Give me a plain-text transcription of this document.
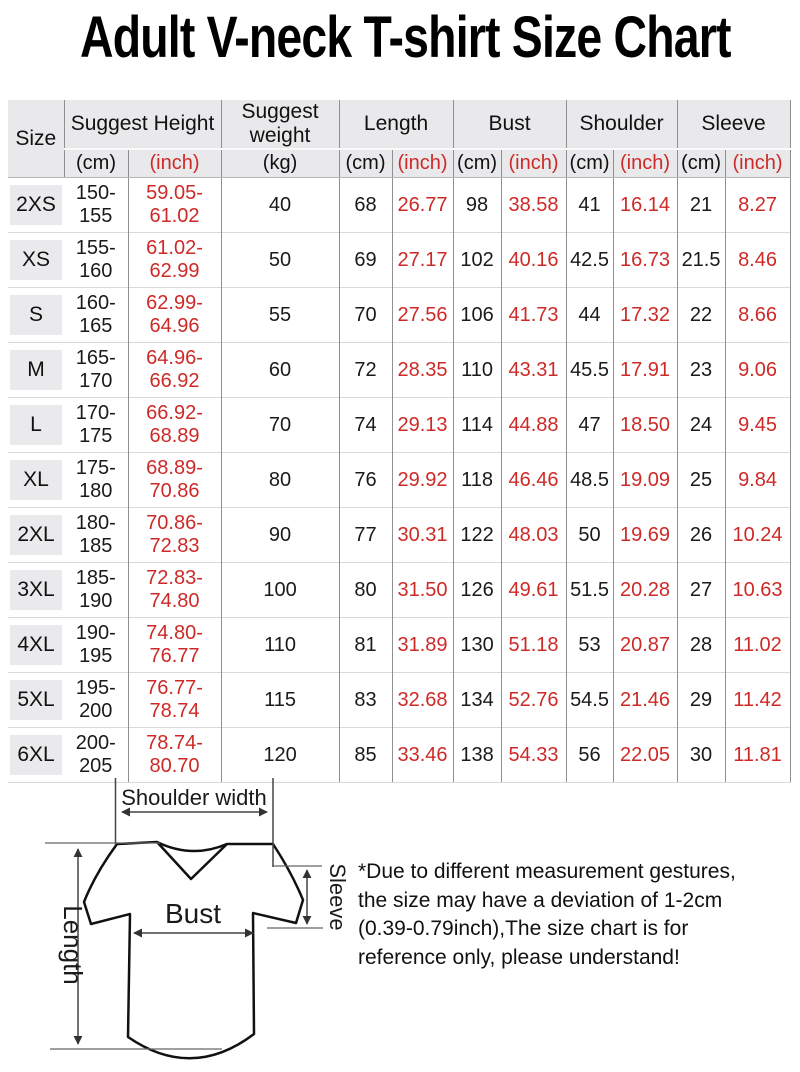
Adult V-neck T-shirt Size Chart
Size	Suggest Height		Suggest weight	Length		Bust		Shoulder		Sleeve	
	(cm)	(inch)	(kg)	(cm)	(inch)	(cm)	(inch)	(cm)	(inch)	(cm)	(inch)

2XS	150-155	59.05-61.02	40	68	26.77	98	38.58	41	16.14	21	8.27

XS	155-160	61.02-62.99	50	69	27.17	102	40.16	42.5	16.73	21.5	8.46

S	160-165	62.99-64.96	55	70	27.56	106	41.73	44	17.32	22	8.66

M	165-170	64.96-66.92	60	72	28.35	110	43.31	45.5	17.91	23	9.06

L	170-175	66.92-68.89	70	74	29.13	114	44.88	47	18.50	24	9.45

XL	175-180	68.89-70.86	80	76	29.92	118	46.46	48.5	19.09	25	9.84

2XL	180-185	70.86-72.83	90	77	30.31	122	48.03	50	19.69	26	10.24

3XL	185-190	72.83-74.80	100	80	31.50	126	49.61	51.5	20.28	27	10.63

4XL	190-195	74.80-76.77	110	81	31.89	130	51.18	53	20.87	28	11.02

5XL	195-200	76.77-78.74	115	83	32.68	134	52.76	54.5	21.46	29	11.42

6XL	200-205	78.74-80.70	120	85	33.46	138	54.33	56	22.05	30	11.81
Shoulder width
Length	Bust	Sleeve *Due to different measurement gestures,
the size may have a deviation of 1-2cm
(0.39-0.79inch),The size chart is for
reference only, please understand!
